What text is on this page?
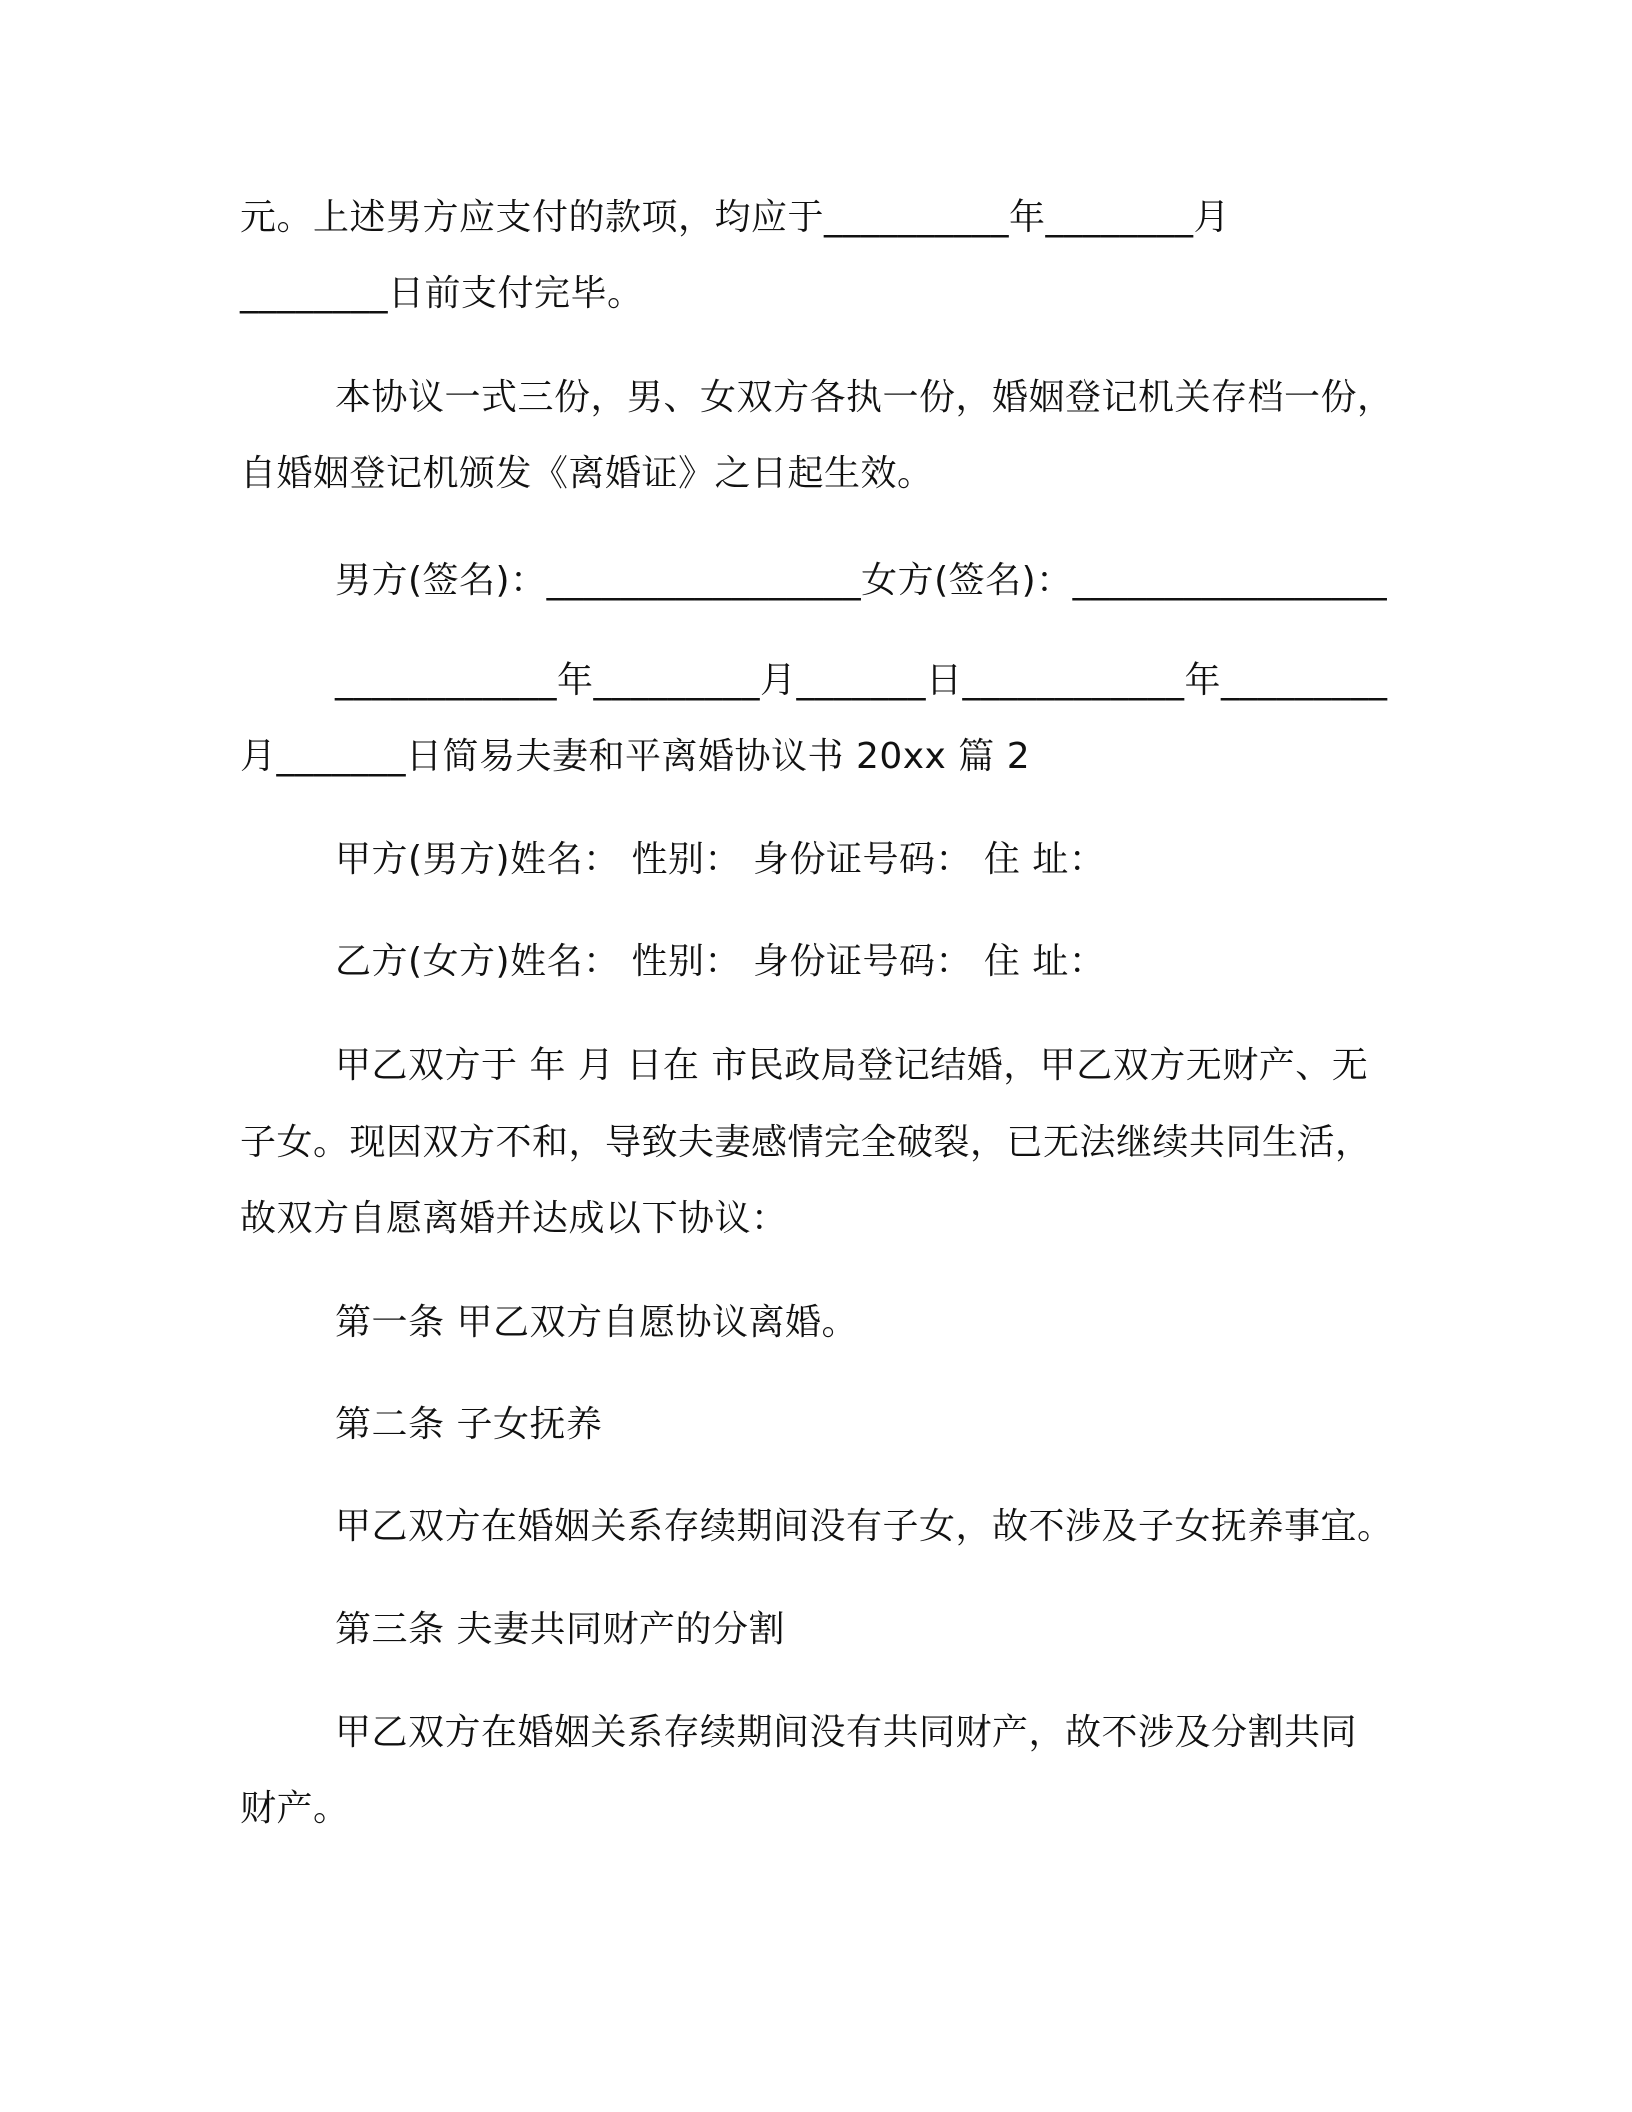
元。上述男方应支付的款项，均应于__________年________月
________日前支付完毕。
本协议一式三份，男、女双方各执一份，婚姻登记机关存档一份，
自婚姻登记机颁发《离婚证》之日起生效。
男方(签名)：_________________女方(签名)：_________________
____________年_________月_______日____________年_________
月_______日简易夫妻和平离婚协议书 20xx 篇 2
甲方(男方)姓名： 性别： 身份证号码： 住 址：
乙方(女方)姓名： 性别： 身份证号码： 住 址：
甲乙双方于 年 月 日在 市民政局登记结婚，甲乙双方无财产、无
子女。现因双方不和，导致夫妻感情完全破裂，已无法继续共同生活，
故双方自愿离婚并达成以下协议：
第一条 甲乙双方自愿协议离婚。
第二条 子女抚养
甲乙双方在婚姻关系存续期间没有子女，故不涉及子女抚养事宜。
第三条 夫妻共同财产的分割
甲乙双方在婚姻关系存续期间没有共同财产，故不涉及分割共同
财产。
